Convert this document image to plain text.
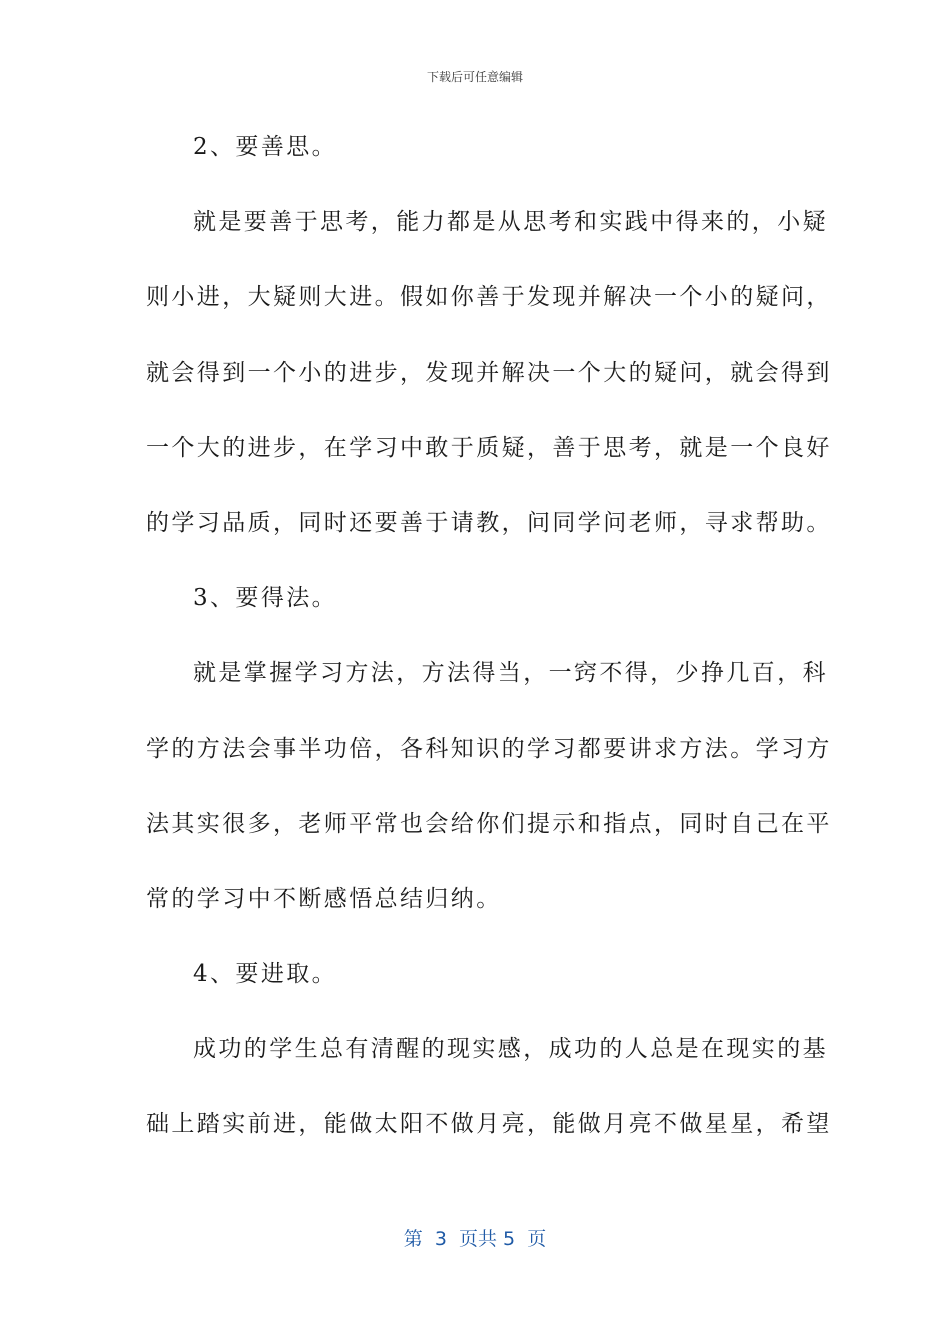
下载后可任意编辑
2、要善思。
就是要善于思考，能力都是从思考和实践中得来的，小疑
则小进，大疑则大进。假如你善于发现并解决一个小的疑问，
就会得到一个小的进步，发现并解决一个大的疑问，就会得到
一个大的进步，在学习中敢于质疑，善于思考，就是一个良好
的学习品质，同时还要善于请教，问同学问老师，寻求帮助。
3、要得法。
就是掌握学习方法，方法得当，一窍不得，少挣几百，科
学的方法会事半功倍，各科知识的学习都要讲求方法。学习方
法其实很多，老师平常也会给你们提示和指点，同时自己在平
常的学习中不断感悟总结归纳。
4、要进取。
成功的学生总有清醒的现实感，成功的人总是在现实的基
础上踏实前进，能做太阳不做月亮，能做月亮不做星星，希望
第  3  页共 5  页
